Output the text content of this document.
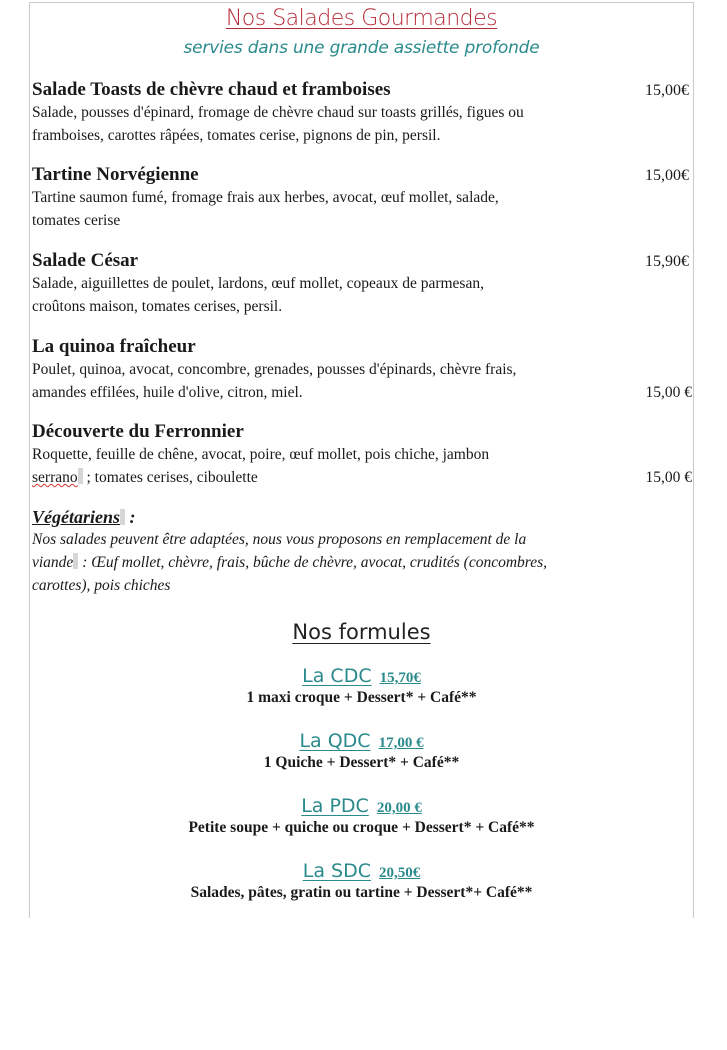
Nos Salades Gourmandes
servies dans une grande assiette profonde
Salade Toasts de chèvre chaud et framboises	15,00€
Salade, pousses d'épinard, fromage de chèvre chaud sur toasts grillés, figues ou
framboises, carottes râpées, tomates cerise, pignons de pin, persil.
Tartine Norvégienne	15,00€
Tartine saumon fumé, fromage frais aux herbes, avocat, œuf mollet, salade,
tomates cerise
Salade César	15,90€
Salade, aiguillettes de poulet, lardons, œuf mollet, copeaux de parmesan,
croûtons maison, tomates cerises, persil.
La quinoa fraîcheur
Poulet, quinoa, avocat, concombre, grenades, pousses d'épinards, chèvre frais,
amandes effilées, huile d'olive, citron, miel.	15,00 €
Découverte du Ferronnier
Roquette, feuille de chêne, avocat, poire, œuf mollet, pois chiche, jambon
serrano ; tomates cerises, ciboulette	15,00 €
Végétariens :
Nos salades peuvent être adaptées, nous vous proposons en remplacement de la
viande : Œuf mollet, chèvre, frais, bûche de chèvre, avocat, crudités (concombres,
carottes), pois chiches
Nos formules
La CDC 15,70€
1 maxi croque + Dessert* + Café**
La QDC 17,00 €
1 Quiche + Dessert* + Café**
La PDC 20,00 €
Petite soupe + quiche ou croque + Dessert* + Café**
La SDC 20,50€
Salades, pâtes, gratin ou tartine + Dessert*+ Café**
